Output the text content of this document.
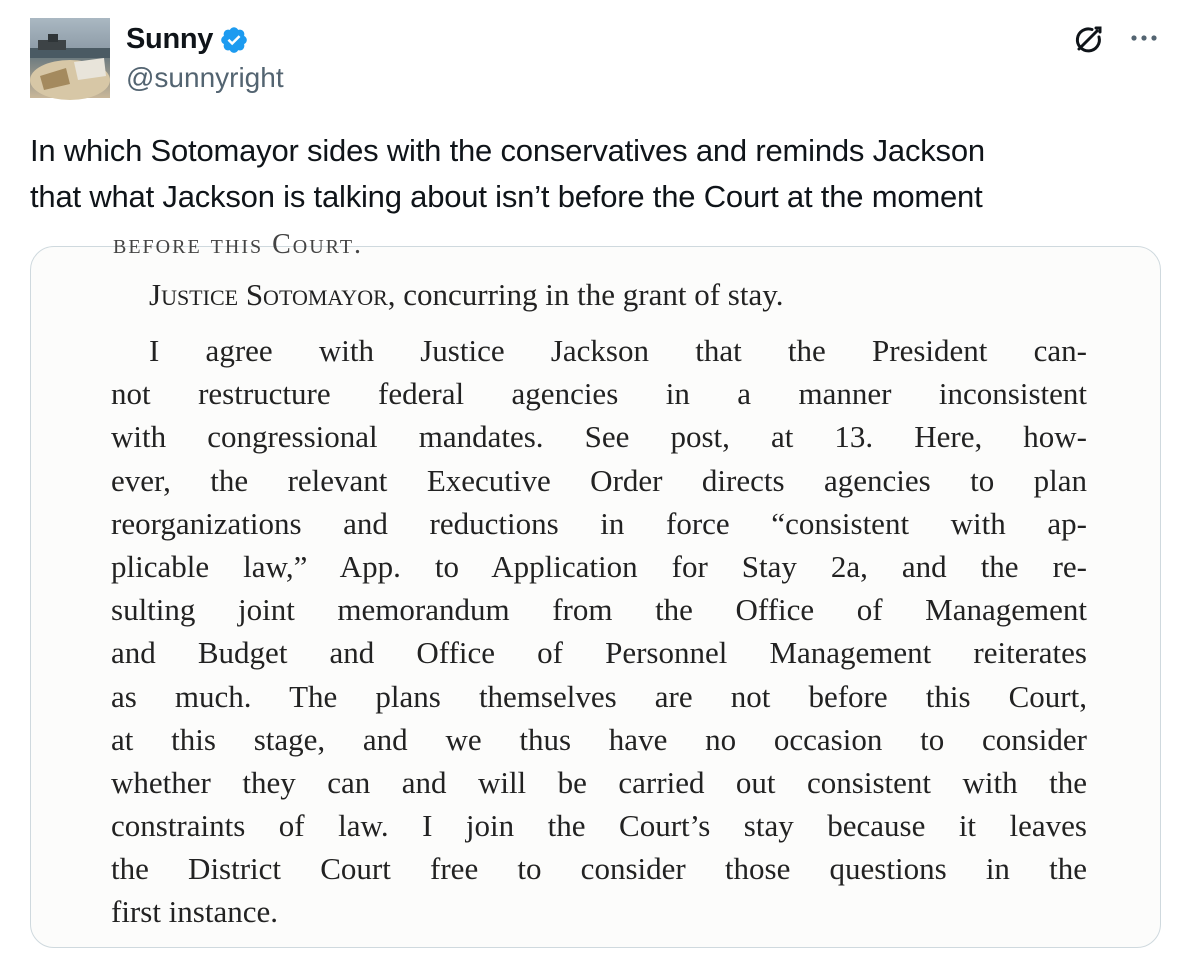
Sunny
@sunnyright
In which Sotomayor sides with the conservatives and reminds Jackson
that what Jackson is talking about isn’t before the Court at the moment
before this Court.
Justice Sotomayor, concurring in the grant of stay.
I agree with Justice Jackson that the President can-
not restructure federal agencies in a manner inconsistent
with congressional mandates. See post, at 13. Here, how-
ever, the relevant Executive Order directs agencies to plan
reorganizations and reductions in force “consistent with ap-
plicable law,” App. to Application for Stay 2a, and the re-
sulting joint memorandum from the Office of Management
and Budget and Office of Personnel Management reiterates
as much. The plans themselves are not before this Court,
at this stage, and we thus have no occasion to consider
whether they can and will be carried out consistent with the
constraints of law. I join the Court’s stay because it leaves
the District Court free to consider those questions in the
first instance.
